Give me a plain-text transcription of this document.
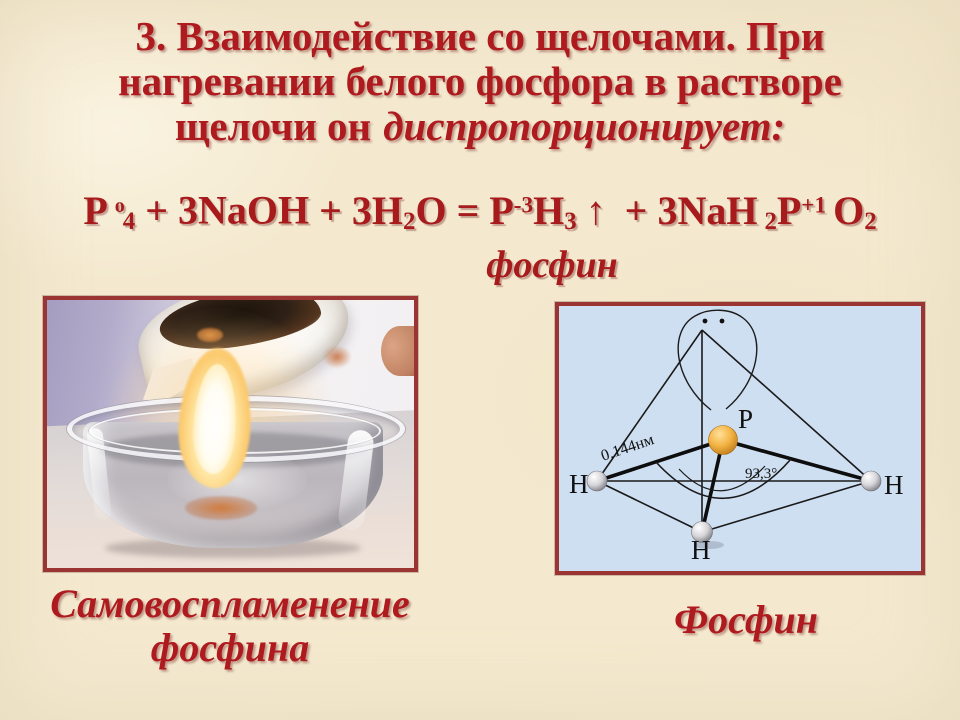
3. Взаимодействие со щелочами. При
нагревании белого фосфора в растворе
щелочи он диспропорционирует:
P $^o$4 + 3NaOH + $3H2O = P^{-3}H3$ ↑ + 3NaH $2P^{+1}$ O2
фосфин
P
H	H
H
0.144нм
93,3°
Самовоспламенение
фосфина
Фосфин
